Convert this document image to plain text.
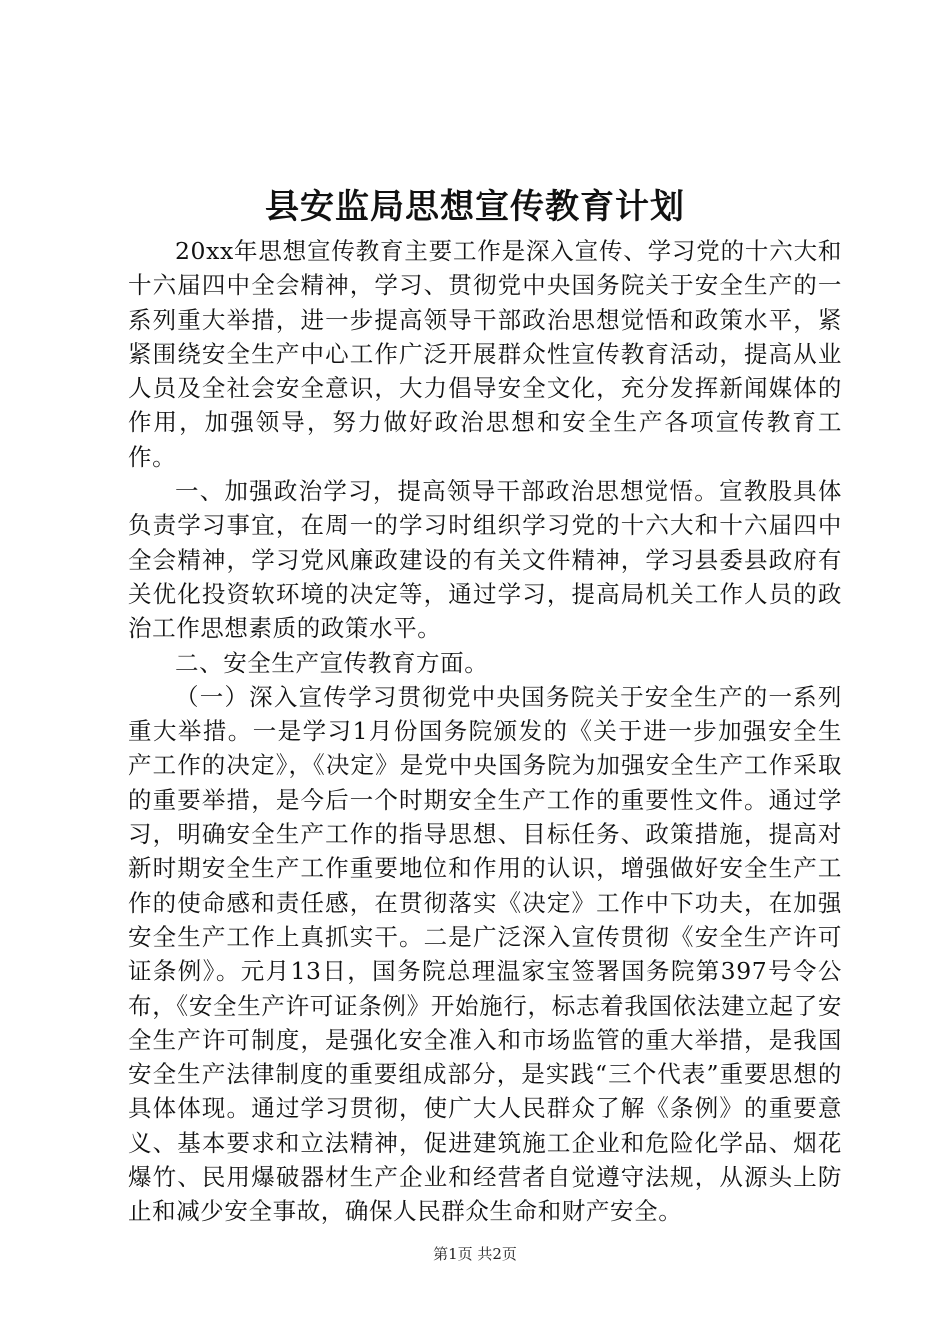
县安监局思想宣传教育计划

20xx年思想宣传教育主要工作是深入宣传、学习党的十六大和十六届四中全会精神，学习、贯彻党中央国务院关于安全生产的一系列重大举措，进一步提高领导干部政治思想觉悟和政策水平，紧紧围绕安全生产中心工作广泛开展群众性宣传教育活动，提高从业人员及全社会安全意识，大力倡导安全文化，充分发挥新闻媒体的作用，加强领导，努力做好政治思想和安全生产各项宣传教育工作。

一、加强政治学习，提高领导干部政治思想觉悟。宣教股具体负责学习事宜，在周一的学习时组织学习党的十六大和十六届四中全会精神，学习党风廉政建设的有关文件精神，学习县委县政府有关优化投资软环境的决定等，通过学习，提高局机关工作人员的政治工作思想素质的政策水平。

二、安全生产宣传教育方面。

（一）深入宣传学习贯彻党中央国务院关于安全生产的一系列重大举措。一是学习1月份国务院颁发的《关于进一步加强安全生产工作的决定》，《决定》是党中央国务院为加强安全生产工作采取的重要举措，是今后一个时期安全生产工作的重要性文件。通过学习，明确安全生产工作的指导思想、目标任务、政策措施，提高对新时期安全生产工作重要地位和作用的认识，增强做好安全生产工作的使命感和责任感，在贯彻落实《决定》工作中下功夫，在加强安全生产工作上真抓实干。二是广泛深入宣传贯彻《安全生产许可证条例》。元月13日，国务院总理温家宝签署国务院第397号令公布，《安全生产许可证条例》开始施行，标志着我国依法建立起了安全生产许可制度，是强化安全准入和市场监管的重大举措，是我国安全生产法律制度的重要组成部分，是实践“三个代表”重要思想的具体体现。通过学习贯彻，使广大人民群众了解《条例》的重要意义、基本要求和立法精神，促进建筑施工企业和危险化学品、烟花爆竹、民用爆破器材生产企业和经营者自觉遵守法规，从源头上防止和减少安全事故，确保人民群众生命和财产安全。

第1页 共2页
